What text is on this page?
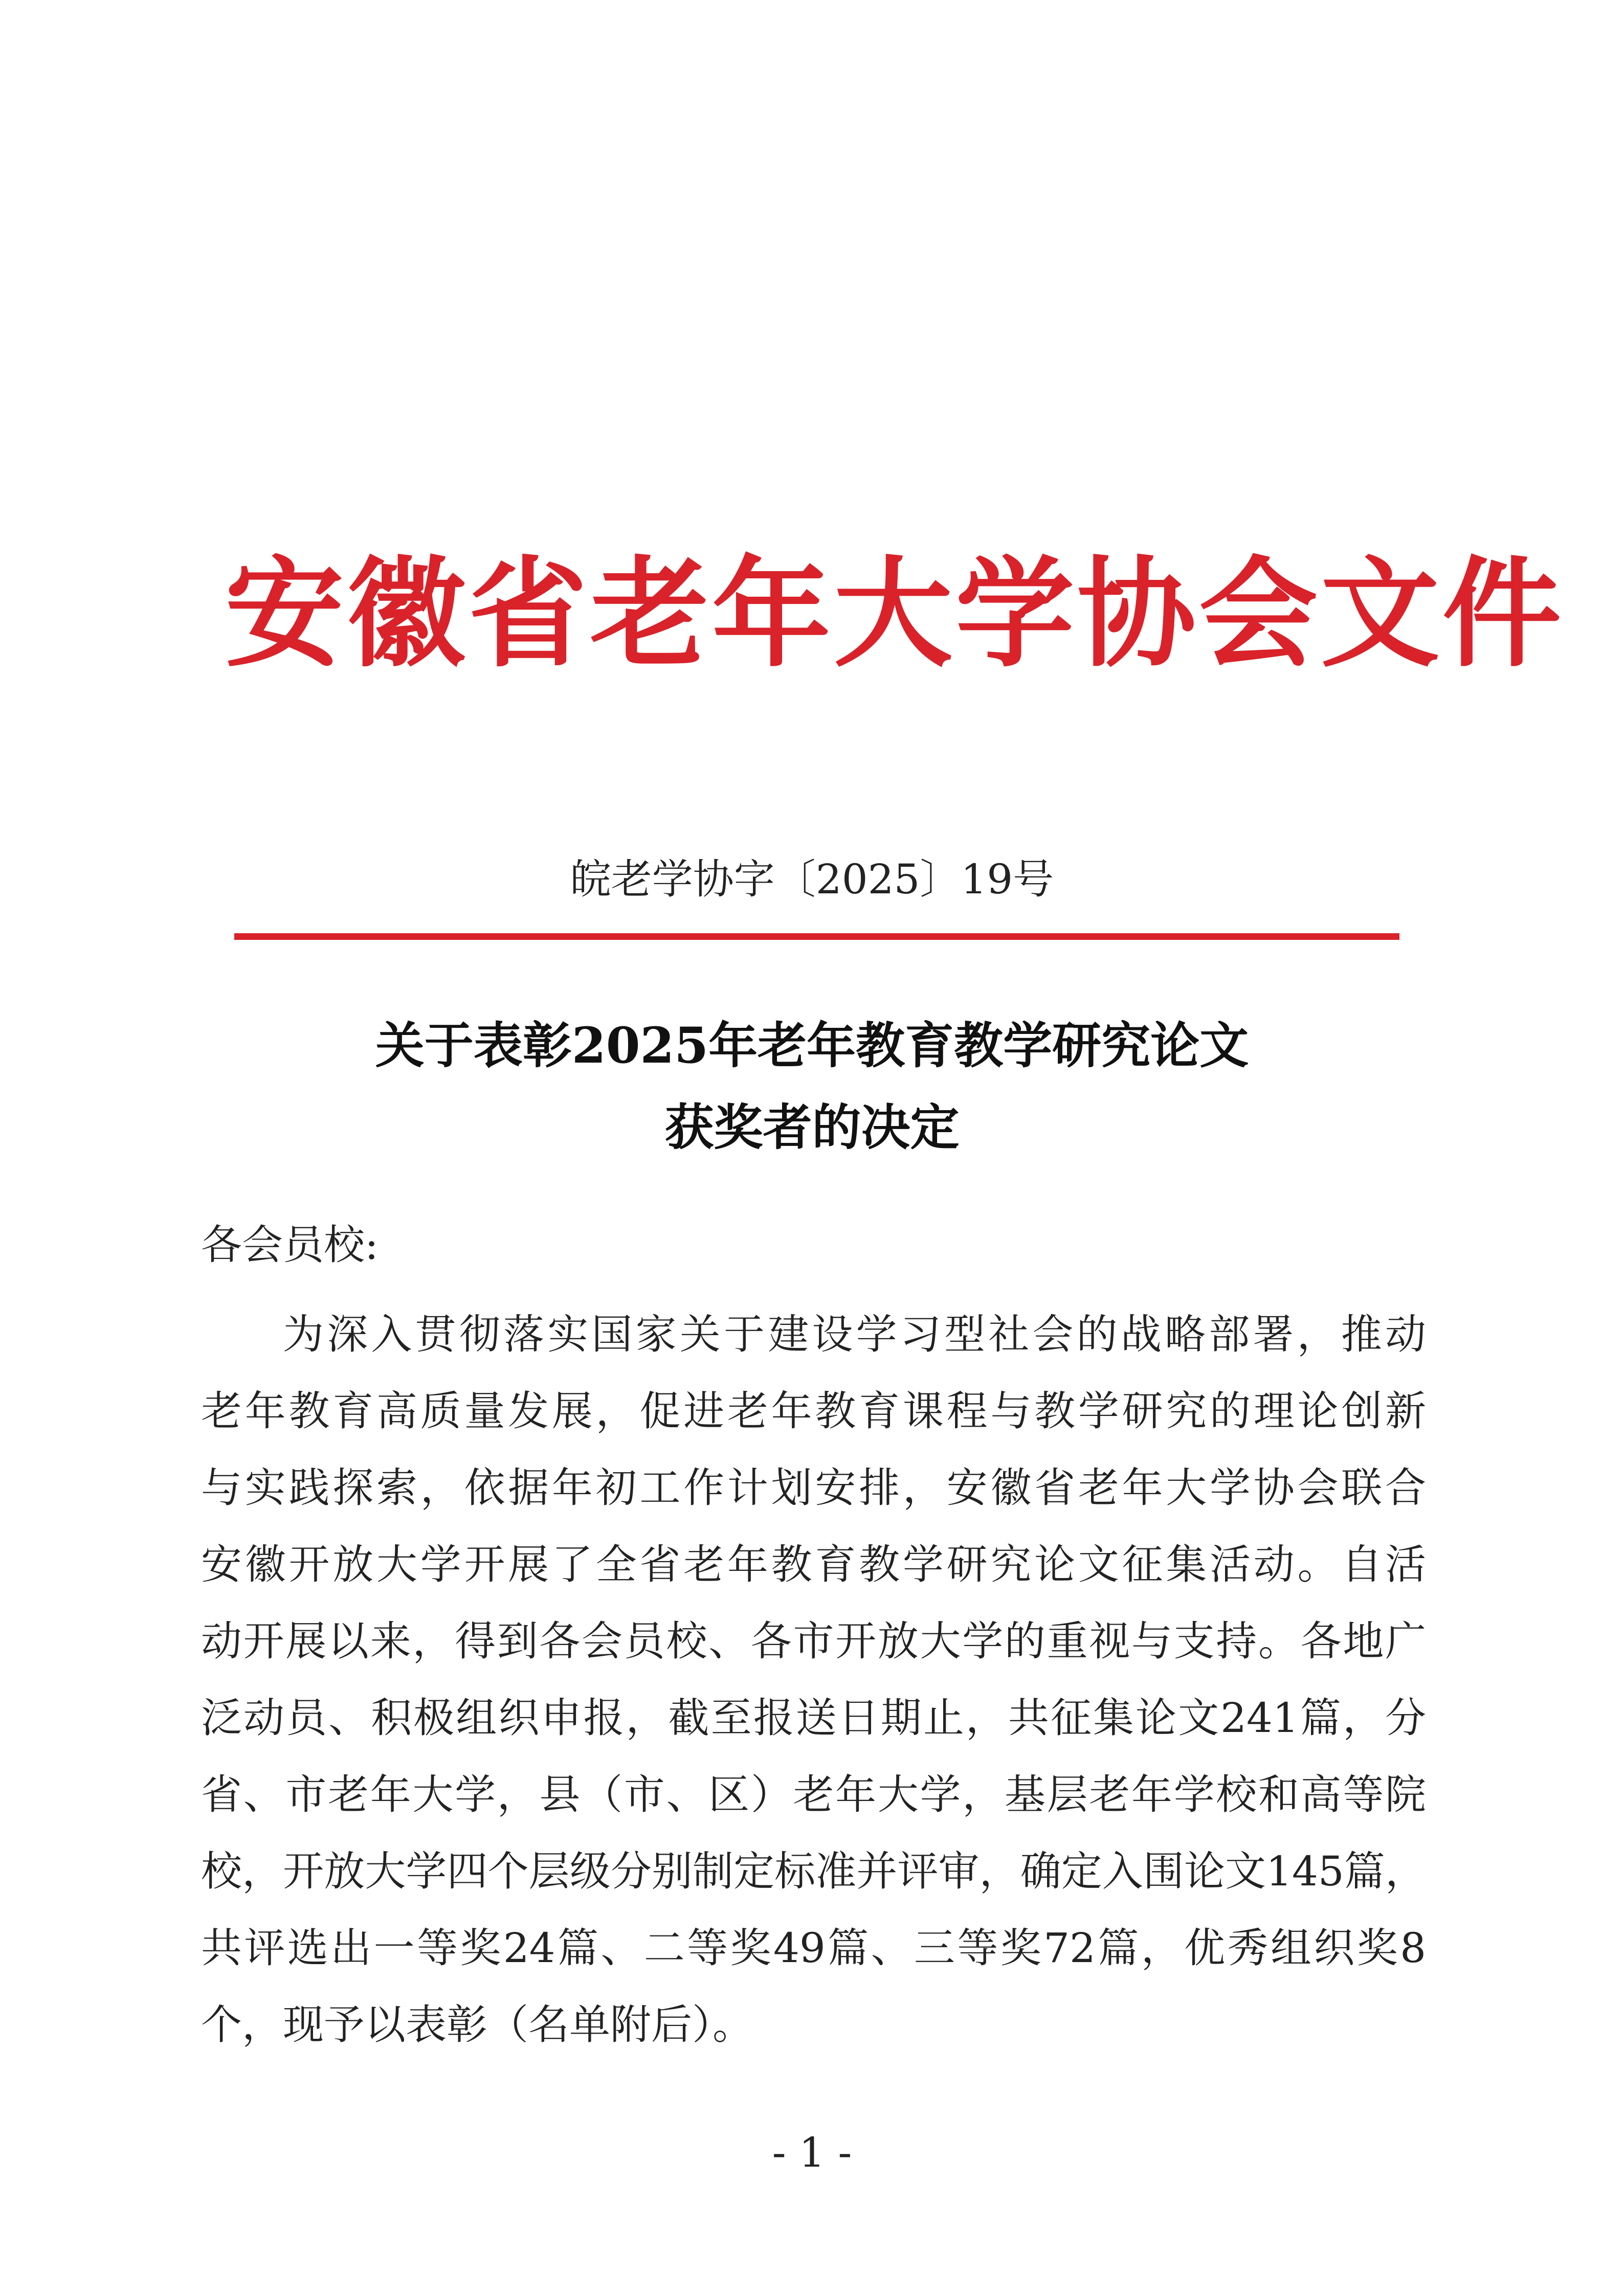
安徽省老年大学协会文件
皖老学协字〔2025〕19号
关于表彰2025年老年教育教学研究论文
获奖者的决定
各会员校:
为深入贯彻落实国家关于建设学习型社会的战略部署，推动
老年教育高质量发展，促进老年教育课程与教学研究的理论创新
与实践探索，依据年初工作计划安排，安徽省老年大学协会联合
安徽开放大学开展了全省老年教育教学研究论文征集活动。自活
动开展以来，得到各会员校、各市开放大学的重视与支持。各地广
泛动员、积极组织申报，截至报送日期止，共征集论文241篇，分
省、市老年大学，县（市、区）老年大学，基层老年学校和高等院
校，开放大学四个层级分别制定标准并评审，确定入围论文145篇，
共评选出一等奖24篇、二等奖49篇、三等奖72篇，优秀组织奖8
个，现予以表彰（名单附后）。
- 1 -
